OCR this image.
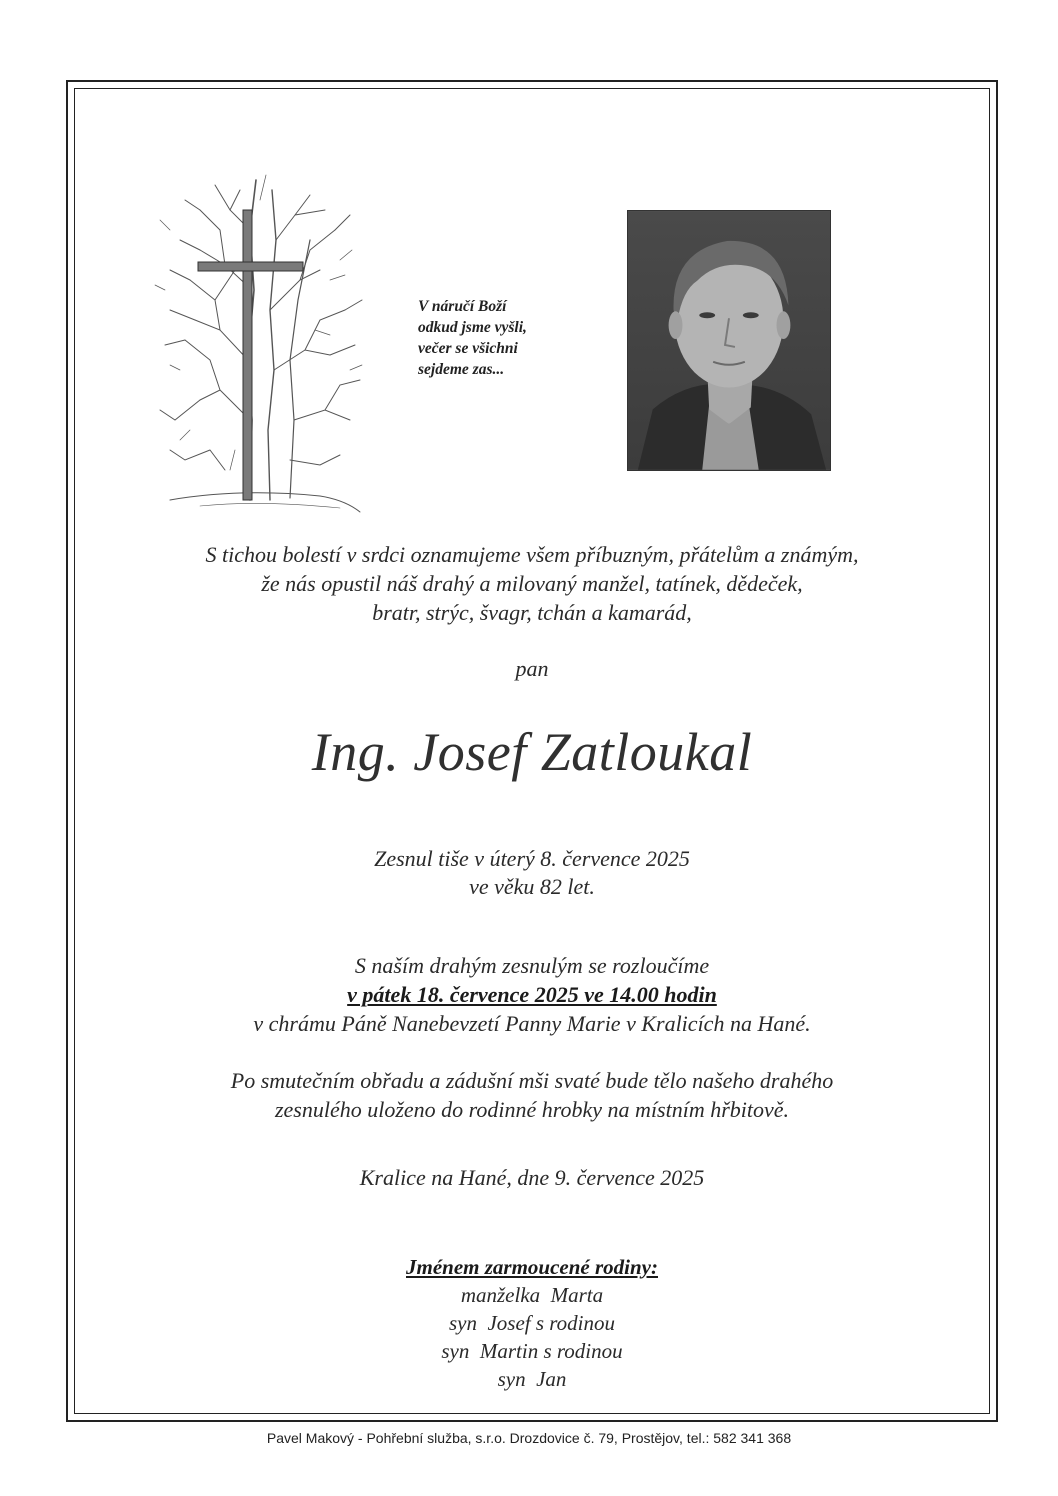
V náručí Boží
odkud jsme vyšli,
večer se všichni
sejdeme zas...
S tichou bolestí v srdci oznamujeme všem příbuzným, přátelům a známým,
že nás opustil náš drahý a milovaný manžel, tatínek, dědeček,
bratr, strýc, švagr, tchán a kamarád,
pan
Ing. Josef Zatloukal
Zesnul tiše v úterý 8. července 2025
ve věku 82 let.
S naším drahým zesnulým se rozloučíme
v pátek 18. července 2025 ve 14.00 hodin
v chrámu Páně Nanebevzetí Panny Marie v Kralicích na Hané.
Po smutečním obřadu a zádušní mši svaté bude tělo našeho drahého
zesnulého uloženo do rodinné hrobky na místním hřbitově.
Kralice na Hané, dne 9. července 2025
Jménem zarmoucené rodiny:
manželka  Marta
syn  Josef s rodinou
syn  Martin s rodinou
syn  Jan
Pavel Makový - Pohřební služba, s.r.o. Drozdovice č. 79, Prostějov, tel.: 582 341 368
